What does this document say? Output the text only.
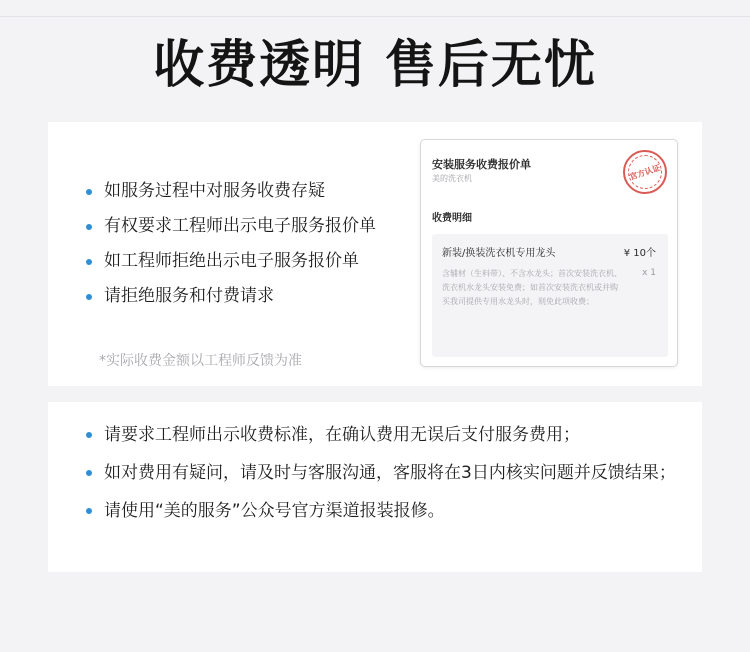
收费透明 售后无忧
如服务过程中对服务收费存疑
有权要求工程师出示电子服务报价单
如工程师拒绝出示电子服务报价单
请拒绝服务和付费请求
*实际收费金额以工程师反馈为准
安装服务收费报价单
美的洗衣机	官方认证
收费明细
新装/换装洗衣机专用龙头	¥ 10个
x 1
含辅材（生料带）、不含水龙头；首次安装洗衣机、洗衣机水龙头安装免费；如首次安装洗衣机或并购买我司提供专用水龙头时，则免此项收费；
请要求工程师出示收费标准，在确认费用无误后支付服务费用；
如对费用有疑问，请及时与客服沟通，客服将在3日内核实问题并反馈结果；
请使用“美的服务”公众号官方渠道报装报修。
